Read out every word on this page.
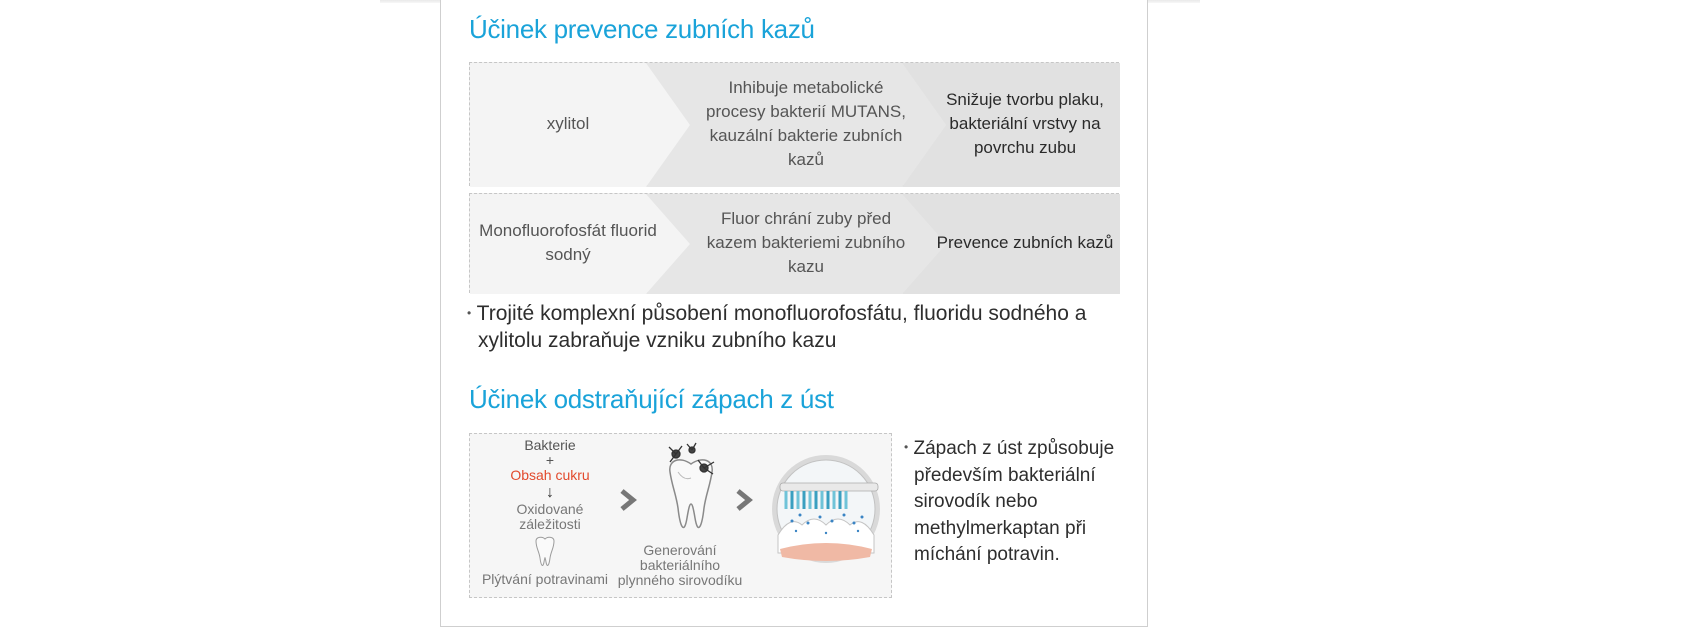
Účinek prevence zubních kazů
xylitol
Inhibuje metabolické procesy bakterií MUTANS, kauzální bakterie zubních kazů
Snižuje tvorbu plaku, bakteriální vrstvy na povrchu zubu
Monofluorofosfát fluorid sodný
Fluor chrání zuby před kazem bakteriemi zubního kazu
Prevence zubních kazů

• Trojité komplexní působení monofluorofosfátu, fluoridu sodného a xylitolu zabraňuje vzniku zubního kazu

Účinek odstraňující zápach z úst
Bakterie
+
Obsah cukru
↓
Oxidované záležitosti
Plýtvání potravinami
Generování bakteriálního plynného sirovodíku

• Zápach z úst způsobuje především bakteriální sirovodík nebo methylmerkaptan při míchání potravin.
